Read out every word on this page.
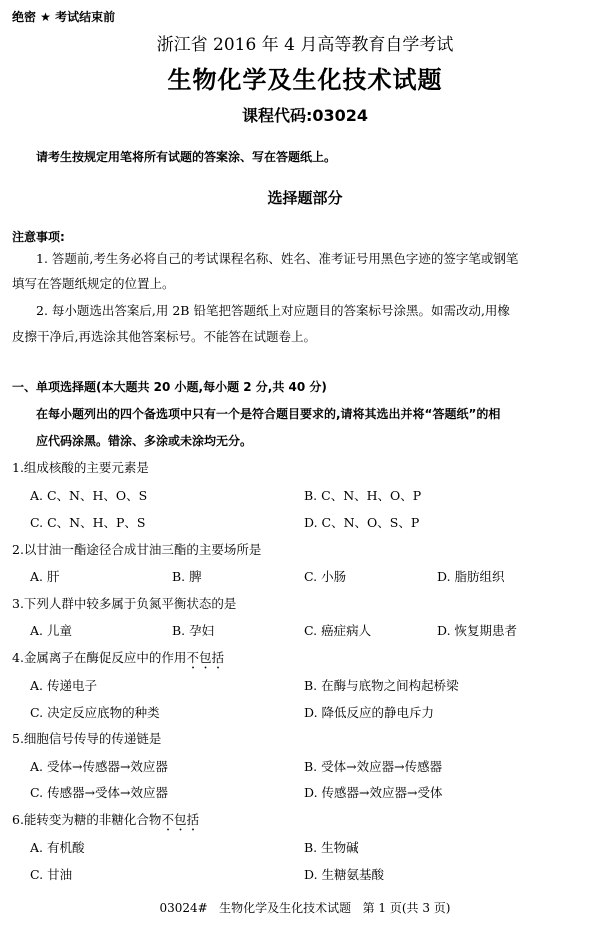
绝密 ★ 考试结束前
浙江省 2016 年 4 月高等教育自学考试
生物化学及生化技术试题
课程代码:03024
请考生按规定用笔将所有试题的答案涂、写在答题纸上。
选择题部分
注意事项:
1. 答题前,考生务必将自己的考试课程名称、姓名、准考证号用黑色字迹的签字笔或钢笔
填写在答题纸规定的位置上。
2. 每小题选出答案后,用 2B 铅笔把答题纸上对应题目的答案标号涂黑。如需改动,用橡
皮擦干净后,再选涂其他答案标号。不能答在试题卷上。
一、单项选择题(本大题共 20 小题,每小题 2 分,共 40 分)
在每小题列出的四个备选项中只有一个是符合题目要求的,请将其选出并将“答题纸”的相
应代码涂黑。错涂、多涂或未涂均无分。
1.组成核酸的主要元素是
A. C、N、H、O、S	B. C、N、H、O、P
C. C、N、H、P、S	D. C、N、O、S、P
2.以甘油一酯途径合成甘油三酯的主要场所是
A. 肝	B. 脾	C. 小肠	D. 脂肪组织
3.下列人群中较多属于负氮平衡状态的是
A. 儿童	B. 孕妇	C. 癌症病人	D. 恢复期患者
4.金属离子在酶促反应中的作用不包括
A. 传递电子	B. 在酶与底物之间构起桥梁
C. 决定反应底物的种类	D. 降低反应的静电斥力
5.细胞信号传导的传递链是
A. 受体→传感器→效应器	B. 受体→效应器→传感器
C. 传感器→受体→效应器	D. 传感器→效应器→受体
6.能转变为糖的非糖化合物不包括
A. 有机酸	B. 生物碱
C. 甘油	D. 生糖氨基酸
03024#   生物化学及生化技术试题   第 1 页(共 3 页)
